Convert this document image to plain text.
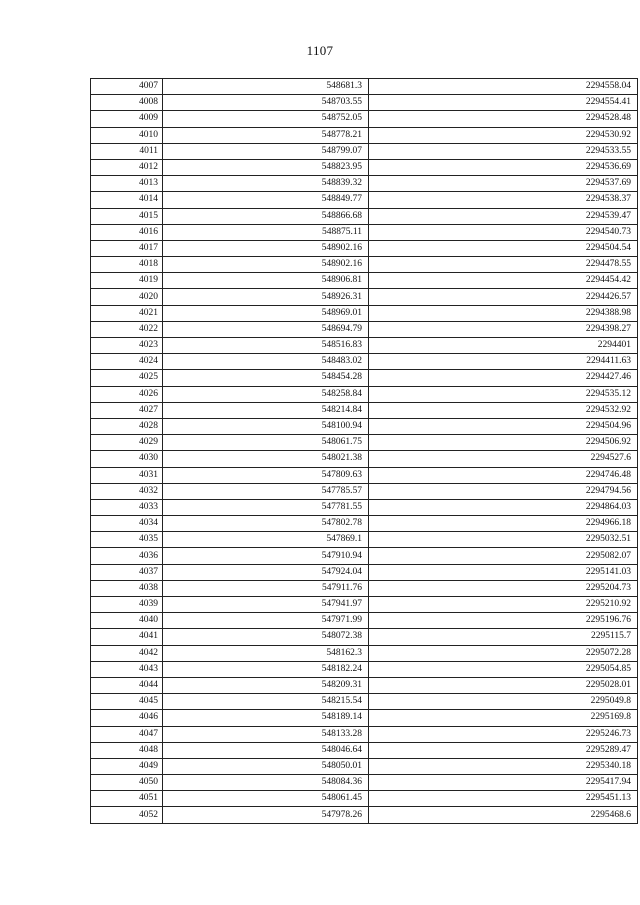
1107
4007	548681.3	2294558.04
4008	548703.55	2294554.41
4009	548752.05	2294528.48
4010	548778.21	2294530.92
4011	548799.07	2294533.55
4012	548823.95	2294536.69
4013	548839.32	2294537.69
4014	548849.77	2294538.37
4015	548866.68	2294539.47
4016	548875.11	2294540.73
4017	548902.16	2294504.54
4018	548902.16	2294478.55
4019	548906.81	2294454.42
4020	548926.31	2294426.57
4021	548969.01	2294388.98
4022	548694.79	2294398.27
4023	548516.83	2294401
4024	548483.02	2294411.63
4025	548454.28	2294427.46
4026	548258.84	2294535.12
4027	548214.84	2294532.92
4028	548100.94	2294504.96
4029	548061.75	2294506.92
4030	548021.38	2294527.6
4031	547809.63	2294746.48
4032	547785.57	2294794.56
4033	547781.55	2294864.03
4034	547802.78	2294966.18
4035	547869.1	2295032.51
4036	547910.94	2295082.07
4037	547924.04	2295141.03
4038	547911.76	2295204.73
4039	547941.97	2295210.92
4040	547971.99	2295196.76
4041	548072.38	2295115.7
4042	548162.3	2295072.28
4043	548182.24	2295054.85
4044	548209.31	2295028.01
4045	548215.54	2295049.8
4046	548189.14	2295169.8
4047	548133.28	2295246.73
4048	548046.64	2295289.47
4049	548050.01	2295340.18
4050	548084.36	2295417.94
4051	548061.45	2295451.13
4052	547978.26	2295468.6
